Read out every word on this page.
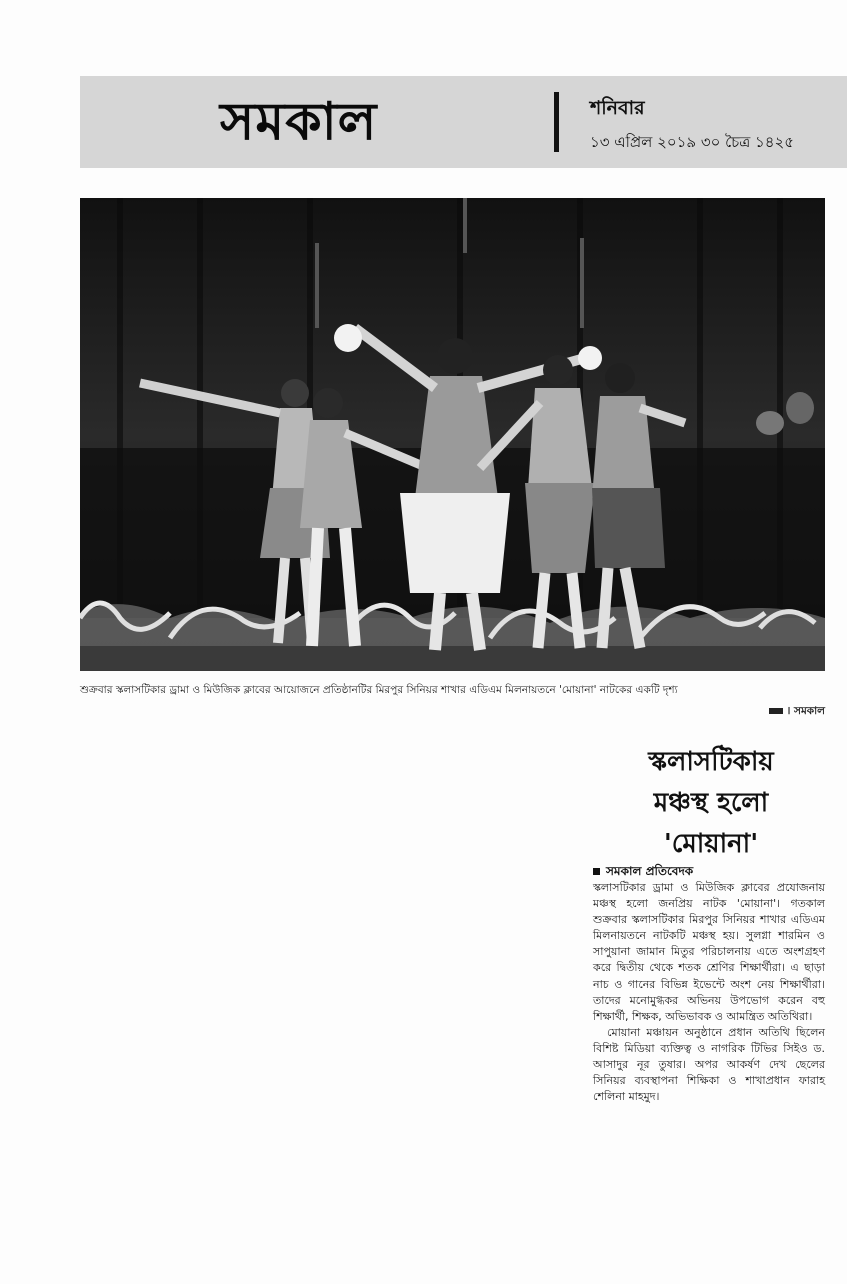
সমকাল	শনিবার
১৩ এপ্রিল ২০১৯ ৩০ চৈত্র ১৪২৫
শুক্রবার স্কলাসটিকার ড্রামা ও মিউজিক ক্লাবের আয়োজনে প্রতিষ্ঠানটির মিরপুর সিনিয়র শাখার এডিএম মিলনায়তনে 'মোয়ানা' নাটকের একটি দৃশ্য
। সমকাল
স্কলাসটিকায়
মঞ্চস্থ হলো
'মোয়ানা'
সমকাল প্রতিবেদক

স্কলাসটিকার ড্রামা ও মিউজিক ক্লাবের প্রযোজনায় মঞ্চস্থ হলো জনপ্রিয় নাটক 'মোয়ানা'। গতকাল শুক্রবার স্কলাসটিকার মিরপুর সিনিয়র শাখার এডিএম মিলনায়তনে নাটকটি মঞ্চস্থ হয়। সুলগ্না শারমিন ও সাপুয়ানা জামান মিতুর পরিচালনায় এতে অংশগ্রহণ করে দ্বিতীয় থেকে শতক শ্রেণির শিক্ষার্থীরা। এ ছাড়া নাচ ও গানের বিভিন্ন ইভেন্টে অংশ নেয় শিক্ষার্থীরা। তাদের মনোমুগ্ধকর অভিনয় উপভোগ করেন বহু শিক্ষার্থী, শিক্ষক, অভিভাবক ও আমন্ত্রিত অতিথিরা।

মোয়ানা মঞ্চায়ন অনুষ্ঠানে প্রধান অতিথি ছিলেন বিশিষ্ট মিডিয়া ব্যক্তিত্ব ও নাগরিক টিভির সিইও ড. আসাদুর নূর তুষার। অপর আকর্ষণ দেখ ছেলের সিনিয়র ব্যবস্থাপনা শিক্ষিকা ও শাখাপ্রধান ফারাহ শেলিনা মাহমুদ।
